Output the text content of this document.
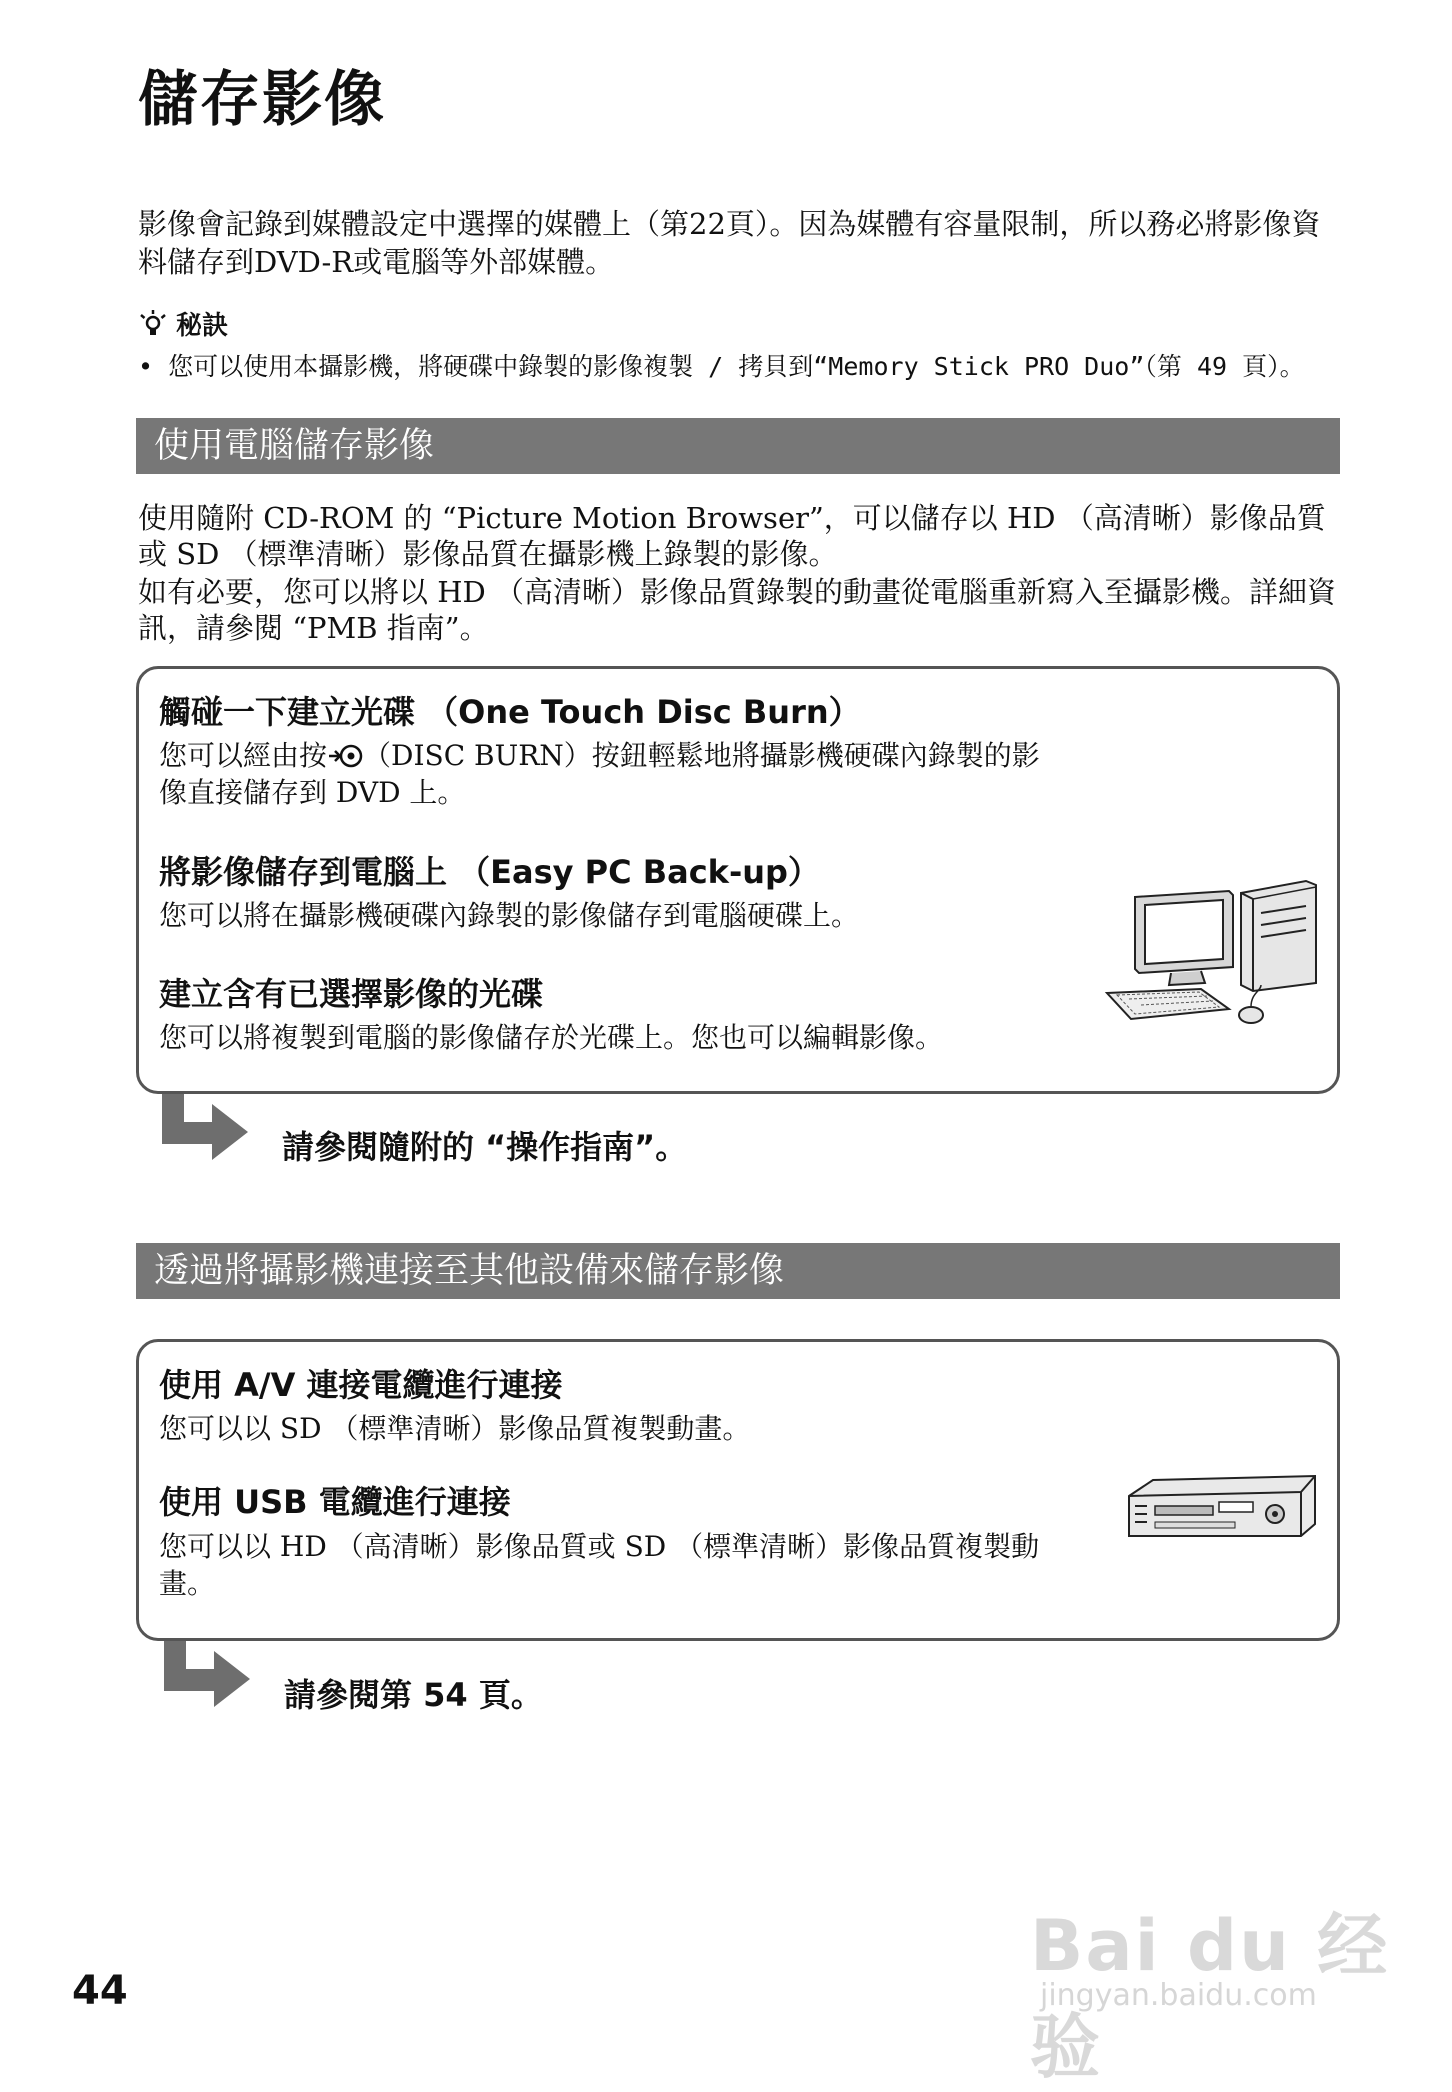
儲存影像
影像會記錄到媒體設定中選擇的媒體上（第22頁）。因為媒體有容量限制，所以務必將影像資料儲存到DVD-R或電腦等外部媒體。
秘訣
• 您可以使用本攝影機，將硬碟中錄製的影像複製 / 拷貝到“Memory Stick PRO Duo”（第 49 頁）。
使用電腦儲存影像
使用隨附 CD-ROM 的 “Picture Motion Browser”，可以儲存以 HD （高清晰）影像品質或 SD （標準清晰）影像品質在攝影機上錄製的影像。
如有必要，您可以將以 HD （高清晰）影像品質錄製的動畫從電腦重新寫入至攝影機。詳細資訊，請參閱 “PMB 指南”。
觸碰一下建立光碟 （One Touch Disc Burn）
您可以經由按 （DISC BURN）按鈕輕鬆地將攝影機硬碟內錄製的影像直接儲存到 DVD 上。
將影像儲存到電腦上 （Easy PC Back-up）
您可以將在攝影機硬碟內錄製的影像儲存到電腦硬碟上。
建立含有已選擇影像的光碟
您可以將複製到電腦的影像儲存於光碟上。您也可以編輯影像。
請參閱隨附的 “操作指南”。
透過將攝影機連接至其他設備來儲存影像
使用 A/V 連接電纜進行連接
您可以以 SD （標準清晰）影像品質複製動畫。
使用 USB 電纜進行連接
您可以以 HD （高清晰）影像品質或 SD （標準清晰）影像品質複製動畫。
請參閱第 54 頁。
44
Bai du 经验
jingyan.baidu.com
